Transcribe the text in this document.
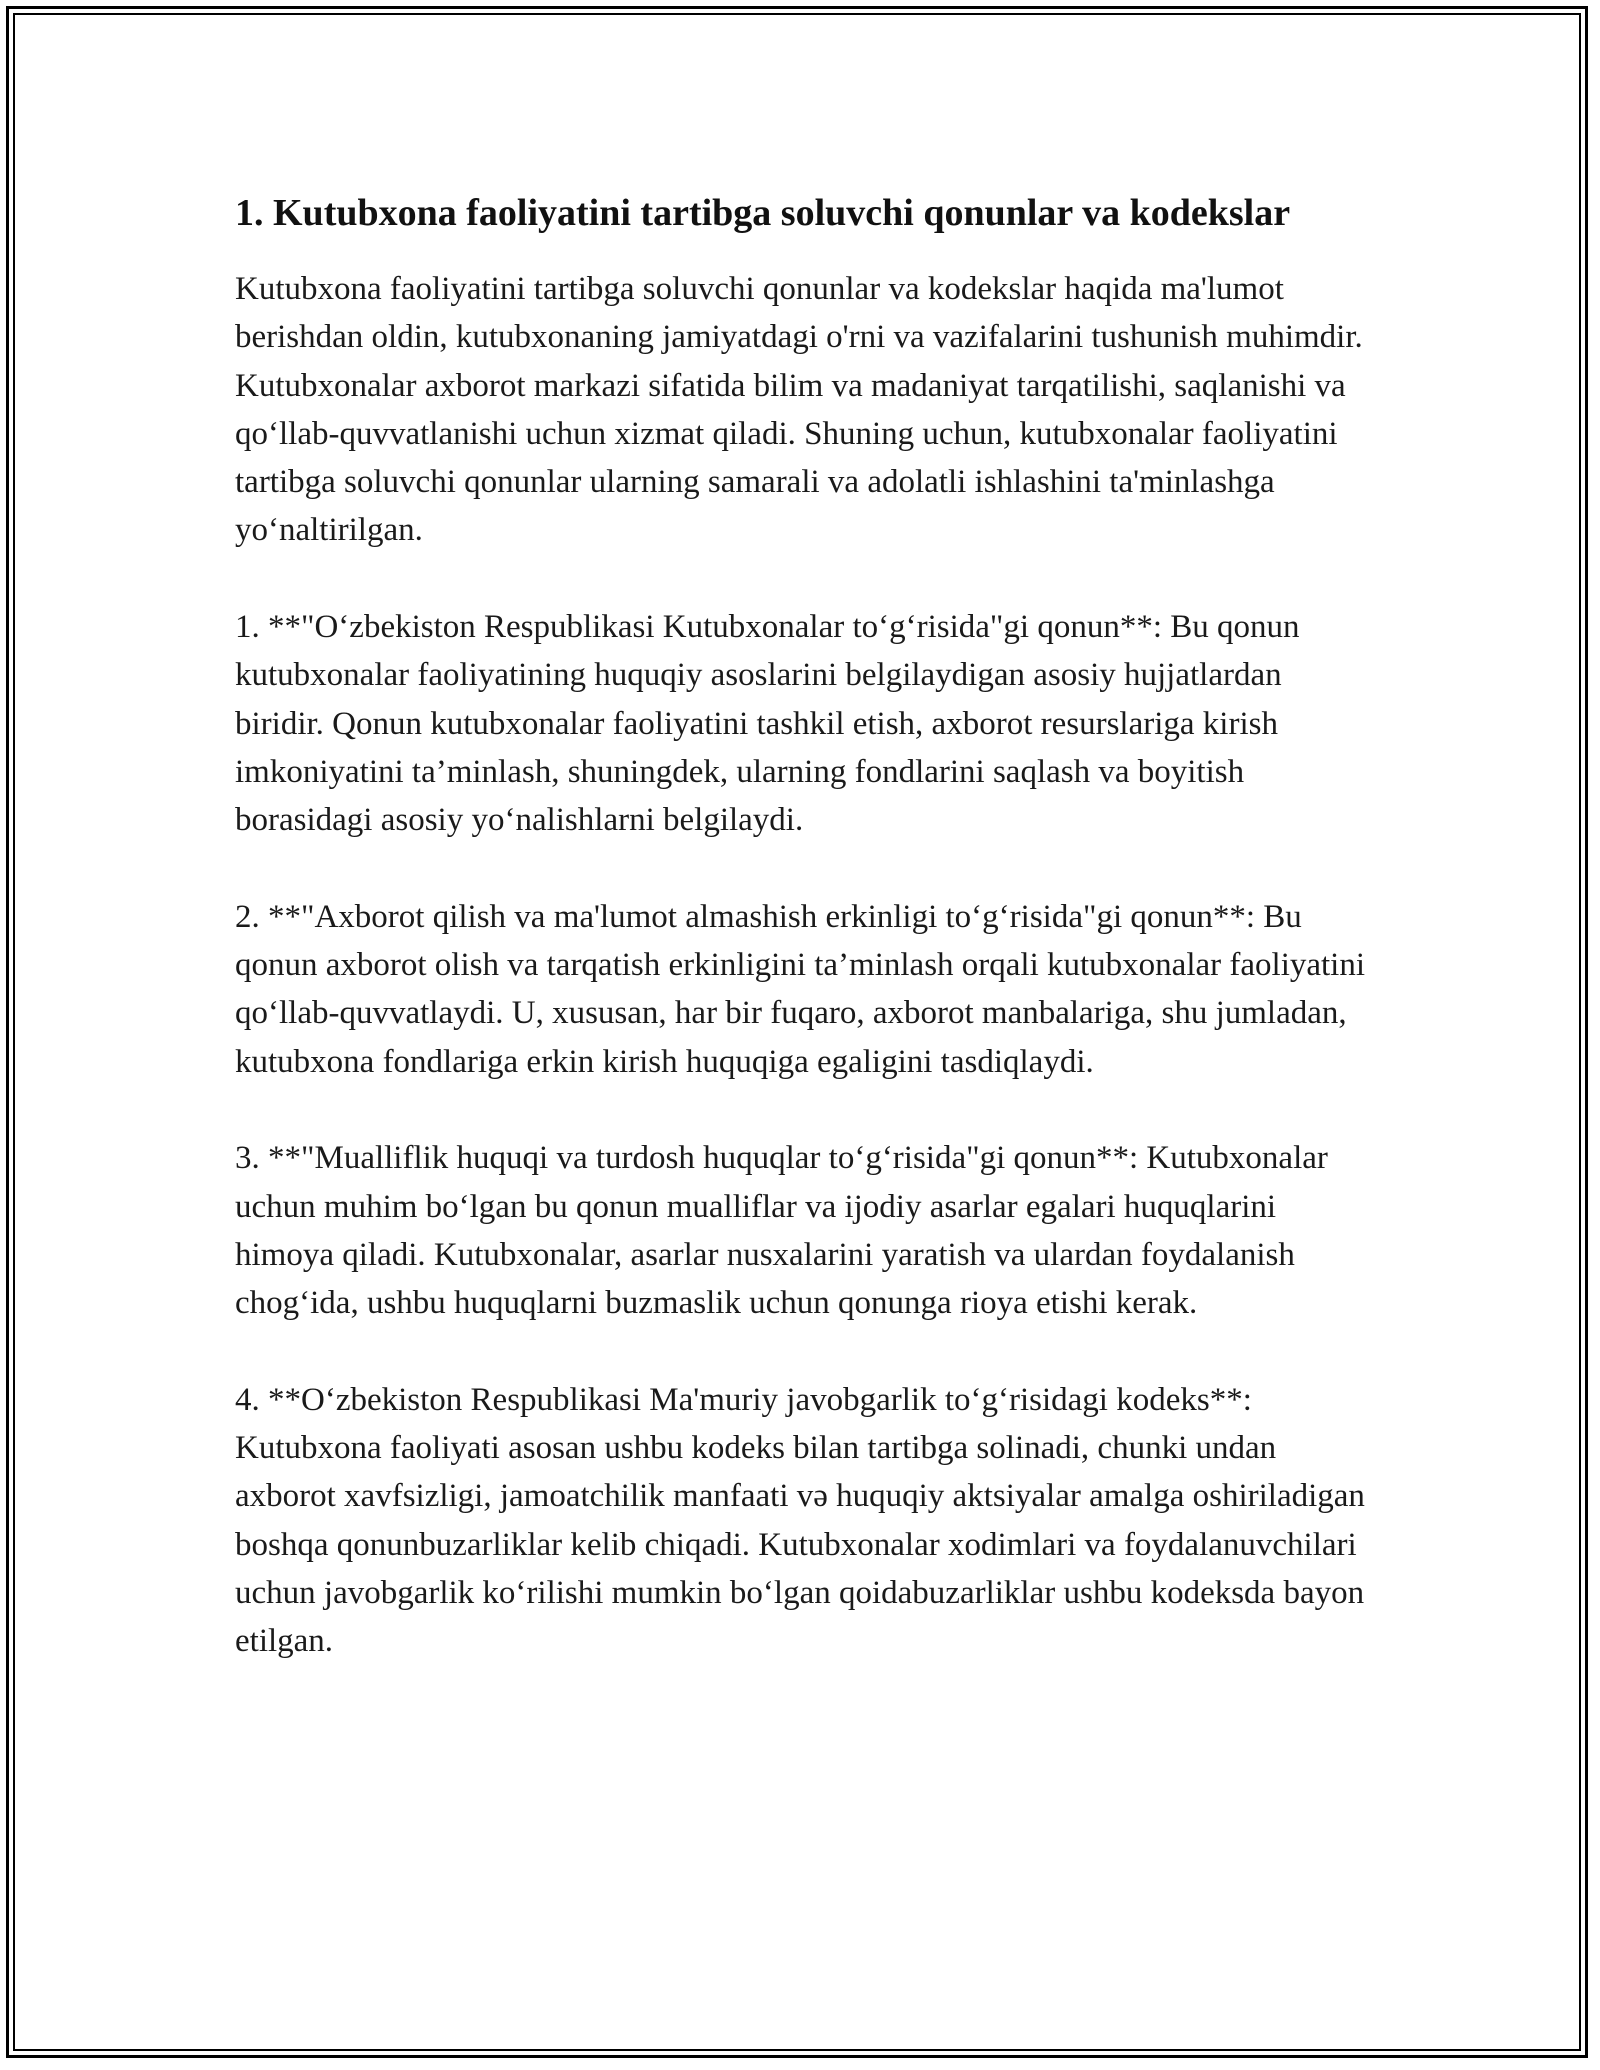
1. Kutubxona faoliyatini tartibga soluvchi qonunlar va kodekslar

Kutubxona faoliyatini tartibga soluvchi qonunlar va kodekslar haqida ma'lumot berishdan oldin, kutubxonaning jamiyatdagi o'rni va vazifalarini tushunish muhimdir. Kutubxonalar axborot markazi sifatida bilim va madaniyat tarqatilishi, saqlanishi va qo‘llab-quvvatlanishi uchun xizmat qiladi. Shuning uchun, kutubxonalar faoliyatini tartibga soluvchi qonunlar ularning samarali va adolatli ishlashini ta'minlashga yo‘naltirilgan.

1. **"O‘zbekiston Respublikasi Kutubxonalar to‘g‘risida"gi qonun**: Bu qonun kutubxonalar faoliyatining huquqiy asoslarini belgilaydigan asosiy hujjatlardan biridir. Qonun kutubxonalar faoliyatini tashkil etish, axborot resurslariga kirish imkoniyatini ta’minlash, shuningdek, ularning fondlarini saqlash va boyitish borasidagi asosiy yo‘nalishlarni belgilaydi.

2. **"Axborot qilish va ma'lumot almashish erkinligi to‘g‘risida"gi qonun**: Bu qonun axborot olish va tarqatish erkinligini ta’minlash orqali kutubxonalar faoliyatini qo‘llab-quvvatlaydi. U, xususan, har bir fuqaro, axborot manbalariga, shu jumladan, kutubxona fondlariga erkin kirish huquqiga egaligini tasdiqlaydi.

3. **"Mualliflik huquqi va turdosh huquqlar to‘g‘risida"gi qonun**: Kutubxonalar uchun muhim bo‘lgan bu qonun mualliflar va ijodiy asarlar egalari huquqlarini himoya qiladi. Kutubxonalar, asarlar nusxalarini yaratish va ulardan foydalanish chog‘ida, ushbu huquqlarni buzmaslik uchun qonunga rioya etishi kerak.

4. **O‘zbekiston Respublikasi Ma'muriy javobgarlik to‘g‘risidagi kodeks**: Kutubxona faoliyati asosan ushbu kodeks bilan tartibga solinadi, chunki undan axborot xavfsizligi, jamoatchilik manfaati və huquqiy aktsiyalar amalga oshiriladigan boshqa qonunbuzarliklar kelib chiqadi. Kutubxonalar xodimlari va foydalanuvchilari uchun javobgarlik ko‘rilishi mumkin bo‘lgan qoidabuzarliklar ushbu kodeksda bayon etilgan.
